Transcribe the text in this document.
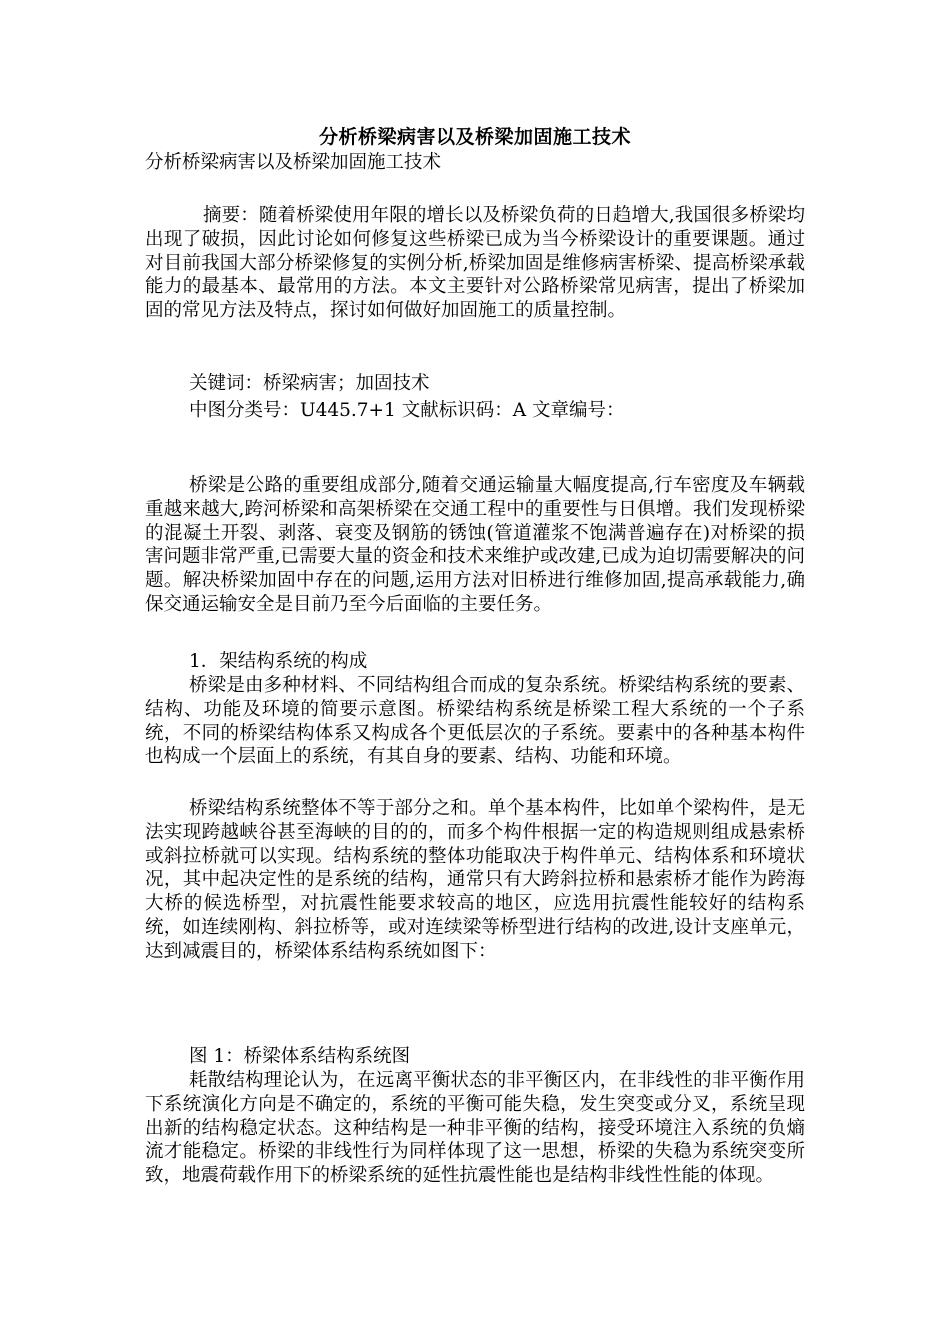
分析桥梁病害以及桥梁加固施工技术
分析桥梁病害以及桥梁加固施工技术

摘要：随着桥梁使用年限的增长以及桥梁负荷的日趋增大,我国很多桥梁均出现了破损，因此讨论如何修复这些桥梁已成为当今桥梁设计的重要课题。通过对目前我国大部分桥梁修复的实例分析,桥梁加固是维修病害桥梁、提高桥梁承载能力的最基本、最常用的方法。本文主要针对公路桥梁常见病害，提出了桥梁加固的常见方法及特点，探讨如何做好加固施工的质量控制。

关键词：桥梁病害；加固技术
中图分类号：U445.7+1 文献标识码：A 文章编号：

桥梁是公路的重要组成部分,随着交通运输量大幅度提高,行车密度及车辆载重越来越大,跨河桥梁和高架桥梁在交通工程中的重要性与日俱增。我们发现桥梁的混凝土开裂、剥落、衰变及钢筋的锈蚀(管道灌浆不饱满普遍存在)对桥梁的损害问题非常严重,已需要大量的资金和技术来维护或改建,已成为迫切需要解决的问题。解决桥梁加固中存在的问题,运用方法对旧桥进行维修加固,提高承载能力,确保交通运输安全是目前乃至今后面临的主要任务。

1．架结构系统的构成

桥梁是由多种材料、不同结构组合而成的复杂系统。桥梁结构系统的要素、结构、功能及环境的简要示意图。桥梁结构系统是桥梁工程大系统的一个子系统，不同的桥梁结构体系又构成各个更低层次的子系统。要素中的各种基本构件也构成一个层面上的系统，有其自身的要素、结构、功能和环境。

桥梁结构系统整体不等于部分之和。单个基本构件，比如单个梁构件，是无法实现跨越峡谷甚至海峡的目的的，而多个构件根据一定的构造规则组成悬索桥或斜拉桥就可以实现。结构系统的整体功能取决于构件单元、结构体系和环境状况，其中起决定性的是系统的结构，通常只有大跨斜拉桥和悬索桥才能作为跨海大桥的候选桥型，对抗震性能要求较高的地区，应选用抗震性能较好的结构系统，如连续刚构、斜拉桥等，或对连续梁等桥型进行结构的改进,设计支座单元，达到减震目的，桥梁体系结构系统如图下：

图 1：桥梁体系结构系统图

耗散结构理论认为，在远离平衡状态的非平衡区内，在非线性的非平衡作用下系统演化方向是不确定的，系统的平衡可能失稳，发生突变或分叉，系统呈现出新的结构稳定状态。这种结构是一种非平衡的结构，接受环境注入系统的负熵流才能稳定。桥梁的非线性行为同样体现了这一思想，桥梁的失稳为系统突变所致，地震荷载作用下的桥梁系统的延性抗震性能也是结构非线性性能的体现。
